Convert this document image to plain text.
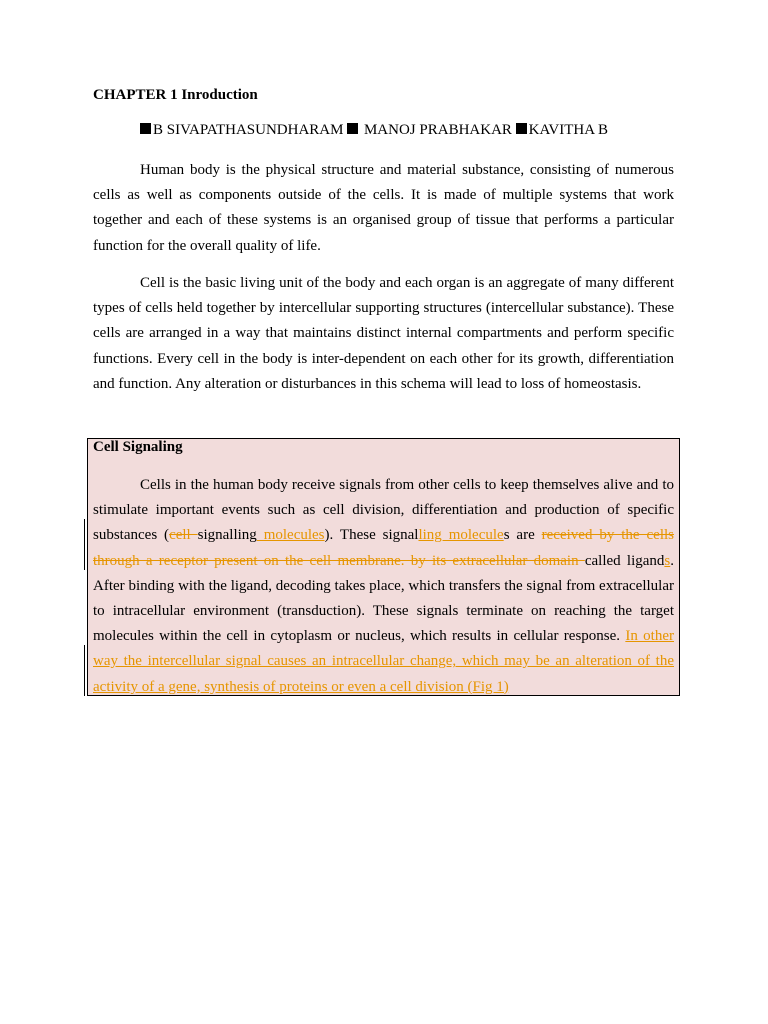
CHAPTER 1 Inroduction
B SIVAPATHASUNDHARAM  MANOJ PRABHAKAR KAVITHA B

Human body is the physical structure and material substance, consisting of numerous cells as well as components outside of the cells. It is made of multiple systems that work together and each of these systems is an organised group of tissue that performs a particular function for the overall quality of life.

Cell is the basic living unit of the body and each organ is an aggregate of many different types of cells held together by intercellular supporting structures (intercellular substance). These cells are arranged in a way that maintains distinct internal compartments and perform specific functions. Every cell in the body is inter-dependent on each other for its growth, differentiation and function. Any alteration or disturbances in this schema will lead to loss of homeostasis.

Cell Signaling

Cells in the human body receive signals from other cells to keep themselves alive and to stimulate important events such as cell division, differentiation and production of specific substances (cell signalling molecules). These signalling molecules are received by the cells through a receptor present on the cell membrane. by its extracellular domain called ligands. After binding with the ligand, decoding takes place, which transfers the signal from extracellular to intracellular environment (transduction). These signals terminate on reaching the target molecules within the cell in cytoplasm or nucleus, which results in cellular response. In other way the intercellular signal causes an intracellular change, which may be an alteration of the activity of a gene, synthesis of proteins or even a cell division (Fig 1)
